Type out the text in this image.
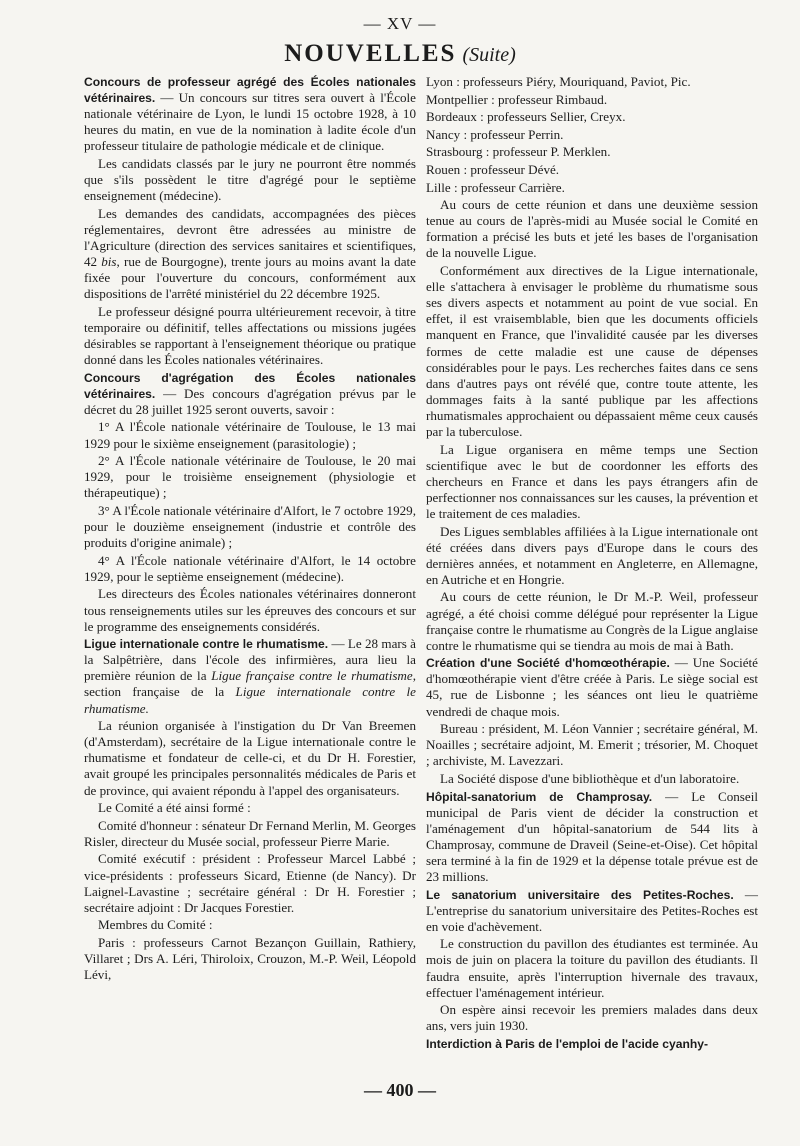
— XV —
NOUVELLES (Suite)

Concours de professeur agrégé des Écoles nationales vétérinaires. — Un concours sur titres sera ouvert à l'École nationale vétérinaire de Lyon, le lundi 15 octobre 1928, à 10 heures du matin, en vue de la nomination à ladite école d'un professeur titulaire de pathologie médicale et de clinique.

Les candidats classés par le jury ne pourront être nommés que s'ils possèdent le titre d'agrégé pour le septième enseignement (médecine).

Les demandes des candidats, accompagnées des pièces réglementaires, devront être adressées au ministre de l'Agriculture (direction des services sanitaires et scientifiques, 42 bis, rue de Bourgogne), trente jours au moins avant la date fixée pour l'ouverture du concours, conformément aux dispositions de l'arrêté ministériel du 22 décembre 1925.

Le professeur désigné pourra ultérieurement recevoir, à titre temporaire ou définitif, telles affectations ou missions jugées désirables se rapportant à l'enseignement théorique ou pratique donné dans les Écoles nationales vétérinaires.

Concours d'agrégation des Écoles nationales vétérinaires. — Des concours d'agrégation prévus par le décret du 28 juillet 1925 seront ouverts, savoir :

1° A l'École nationale vétérinaire de Toulouse, le 13 mai 1929 pour le sixième enseignement (parasitologie) ;

2° A l'École nationale vétérinaire de Toulouse, le 20 mai 1929, pour le troisième enseignement (physiologie et thérapeutique) ;

3° A l'École nationale vétérinaire d'Alfort, le 7 octobre 1929, pour le douzième enseignement (industrie et contrôle des produits d'origine animale) ;

4° A l'École nationale vétérinaire d'Alfort, le 14 octobre 1929, pour le septième enseignement (médecine).

Les directeurs des Écoles nationales vétérinaires donneront tous renseignements utiles sur les épreuves des concours et sur le programme des enseignements considérés.

Ligue internationale contre le rhumatisme. — Le 28 mars à la Salpêtrière, dans l'école des infirmières, aura lieu la première réunion de la Ligue française contre le rhumatisme, section française de la Ligue internationale contre le rhumatisme.

La réunion organisée à l'instigation du Dr Van Breemen (d'Amsterdam), secrétaire de la Ligue internationale contre le rhumatisme et fondateur de celle-ci, et du Dr H. Forestier, avait groupé les principales personnalités médicales de Paris et de province, qui avaient répondu à l'appel des organisateurs.

Le Comité a été ainsi formé :

Comité d'honneur : sénateur Dr Fernand Merlin, M. Georges Risler, directeur du Musée social, professeur Pierre Marie.

Comité exécutif : président : Professeur Marcel Labbé ; vice-présidents : professeurs Sicard, Etienne (de Nancy). Dr Laignel-Lavastine ; secrétaire général : Dr H. Forestier ; secrétaire adjoint : Dr Jacques Forestier.

Membres du Comité :

Paris : professeurs Carnot Bezançon Guillain, Rathiery, Villaret ; Drs A. Léri, Thiroloix, Crouzon, M.-P. Weil, Léopold Lévi,

Lyon : professeurs Piéry, Mouriquand, Paviot, Pic.

Montpellier : professeur Rimbaud.

Bordeaux : professeurs Sellier, Creyx.

Nancy : professeur Perrin.

Strasbourg : professeur P. Merklen.

Rouen : professeur Dévé.

Lille : professeur Carrière.

Au cours de cette réunion et dans une deuxième session tenue au cours de l'après-midi au Musée social le Comité en formation a précisé les buts et jeté les bases de l'organisation de la nouvelle Ligue.

Conformément aux directives de la Ligue internationale, elle s'attachera à envisager le problème du rhumatisme sous ses divers aspects et notamment au point de vue social. En effet, il est vraisemblable, bien que les documents officiels manquent en France, que l'invalidité causée par les diverses formes de cette maladie est une cause de dépenses considérables pour le pays. Les recherches faites dans ce sens dans d'autres pays ont révélé que, contre toute attente, les dommages faits à la santé publique par les affections rhumatismales approchaient ou dépassaient même ceux causés par la tuberculose.

La Ligue organisera en même temps une Section scientifique avec le but de coordonner les efforts des chercheurs en France et dans les pays étrangers afin de perfectionner nos connaissances sur les causes, la prévention et le traitement de ces maladies.

Des Ligues semblables affiliées à la Ligue internationale ont été créées dans divers pays d'Europe dans le cours des dernières années, et notamment en Angleterre, en Allemagne, en Autriche et en Hongrie.

Au cours de cette réunion, le Dr M.-P. Weil, professeur agrégé, a été choisi comme délégué pour représenter la Ligue française contre le rhumatisme au Congrès de la Ligue anglaise contre le rhumatisme qui se tiendra au mois de mai à Bath.

Création d'une Société d'homœothérapie. — Une Société d'homœothérapie vient d'être créée à Paris. Le siège social est 45, rue de Lisbonne ; les séances ont lieu le quatrième vendredi de chaque mois.

Bureau : président, M. Léon Vannier ; secrétaire général, M. Noailles ; secrétaire adjoint, M. Emerit ; trésorier, M. Choquet ; archiviste, M. Lavezzari.

La Société dispose d'une bibliothèque et d'un laboratoire.

Hôpital-sanatorium de Champrosay. — Le Conseil municipal de Paris vient de décider la construction et l'aménagement d'un hôpital-sanatorium de 544 lits à Champrosay, commune de Draveil (Seine-et-Oise). Cet hôpital sera terminé à la fin de 1929 et la dépense totale prévue est de 23 millions.

Le sanatorium universitaire des Petites-Roches. — L'entreprise du sanatorium universitaire des Petites-Roches est en voie d'achèvement.

Le construction du pavillon des étudiantes est terminée. Au mois de juin on placera la toiture du pavillon des étudiants. Il faudra ensuite, après l'interruption hivernale des travaux, effectuer l'aménagement intérieur.

On espère ainsi recevoir les premiers malades dans deux ans, vers juin 1930.

Interdiction à Paris de l'emploi de l'acide cyanhy-

— 400 —
